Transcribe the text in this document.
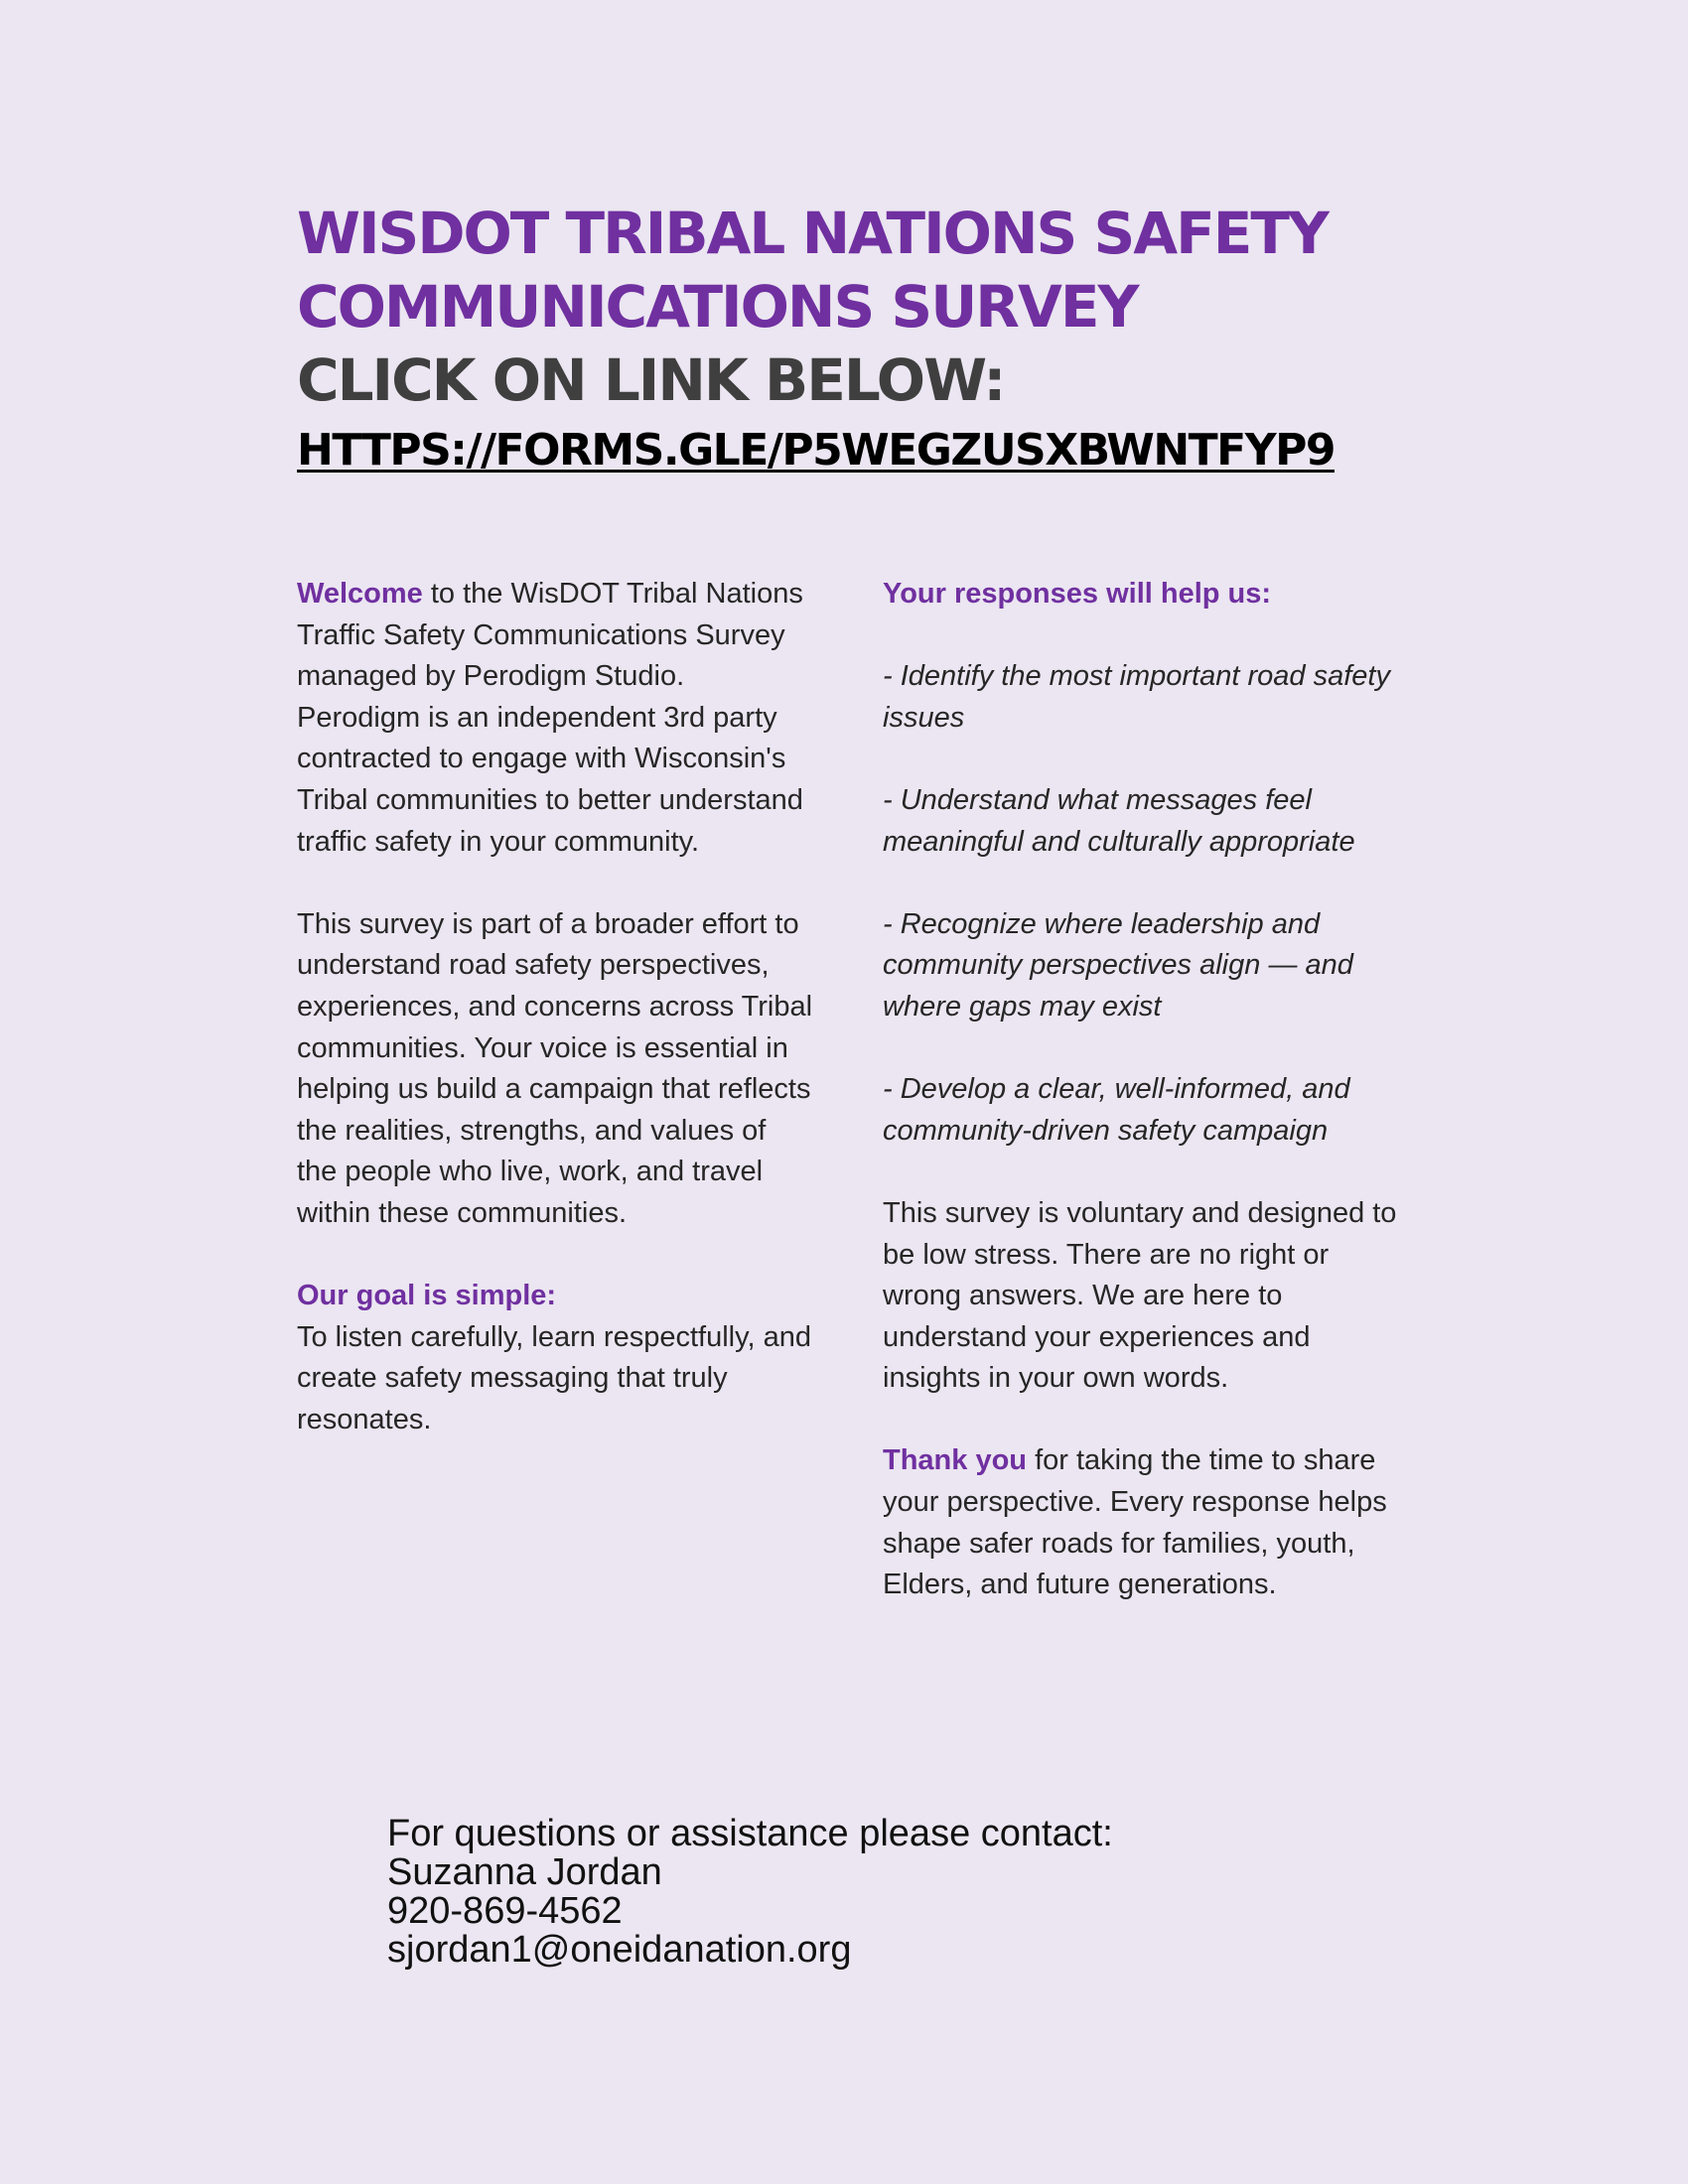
WISDOT TRIBAL NATIONS SAFETY
COMMUNICATIONS SURVEY
CLICK ON LINK BELOW:
HTTPS://FORMS.GLE/P5WEGZUSXBWNTFYP9

Welcome to the WisDOT Tribal Nations Traffic Safety Communications Survey managed by Perodigm Studio. Perodigm is an independent 3rd party contracted to engage with Wisconsin's Tribal communities to better understand traffic safety in your community.

This survey is part of a broader effort to understand road safety perspectives, experiences, and concerns across Tribal communities. Your voice is essential in helping us build a campaign that reflects the realities, strengths, and values of the people who live, work, and travel within these communities.

Our goal is simple:
To listen carefully, learn respectfully, and create safety messaging that truly resonates.

Your responses will help us:

- Identify the most important road safety issues

- Understand what messages feel meaningful and culturally appropriate

- Recognize where leadership and community perspectives align — and where gaps may exist

- Develop a clear, well-informed, and community-driven safety campaign

This survey is voluntary and designed to be low stress. There are no right or wrong answers. We are here to understand your experiences and insights in your own words.

Thank you for taking the time to share your perspective. Every response helps shape safer roads for families, youth, Elders, and future generations.

For questions or assistance please contact:
Suzanna Jordan
920-869-4562
sjordan1@oneidanation.org
